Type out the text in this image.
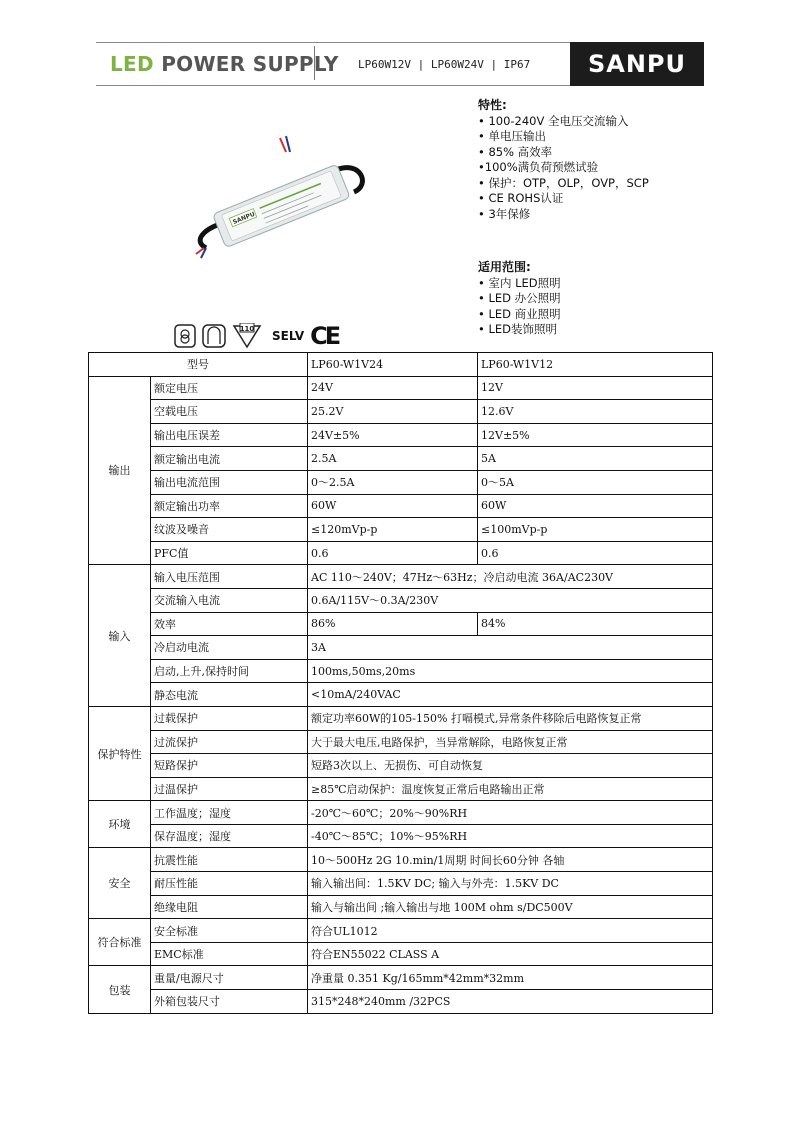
LED POWER SUPPLY LP60W12V | LP60W24V | IP67	SANPU
SANPU
特性:
• 100-240V 全电压交流输入
• 单电压输出
• 85% 高效率
•100%满负荷预燃试验
• 保护：OTP，OLP，OVP，SCP
• CE ROHS认证
• 3年保修
适用范围:
• 室内 LED照明
• LED 办公照明
• LED 商业照明
• LED装饰照明
110 SELV CE
型号		LP60-W1V24	LP60-W1V12
输出	额定电压	24V	12V
	空载电压	25.2V	12.6V
	输出电压误差	24V±5%	12V±5%
	额定输出电流	2.5A	5A
	输出电流范围	0～2.5A	0～5A
	额定输出功率	60W	60W
	纹波及噪音	≤120mVp-p	≤100mVp-p
	PFC值	0.6	0.6
输入	输入电压范围	AC 110～240V；47Hz～63Hz；冷启动电流 36A/AC230V	
	交流输入电流	0.6A/115V～0.3A/230V	
	效率	86%	84%
	冷启动电流	3A	
	启动,上升,保持时间	100ms,50ms,20ms	
	静态电流	<10mA/240VAC	
保护特性	过载保护	额定功率60W的105-150% 打嗝模式,异常条件移除后电路恢复正常	
	过流保护	大于最大电压,电路保护，当异常解除，电路恢复正常	
	短路保护	短路3次以上、无损伤、可自动恢复	
	过温保护	≥85℃启动保护：温度恢复正常后电路输出正常	
环境	工作温度；湿度	-20℃～60℃；20%～90%RH	
	保存温度；湿度	-40℃～85℃；10%～95%RH	
安全	抗震性能	10～500Hz 2G 10.min/1周期 时间长60分钟 各轴	
	耐压性能	输入输出间：1.5KV DC; 输入与外壳：1.5KV DC	
	绝缘电阻	输入与输出间 ;输入输出与地 100M ohm s/DC500V	
符合标准	安全标准	符合UL1012	
	EMC标准	符合EN55022 CLASS A	
包装	重量/电源尺寸	净重量 0.351 Kg/165mm*42mm*32mm	
	外箱包装尺寸	315*248*240mm /32PCS	
